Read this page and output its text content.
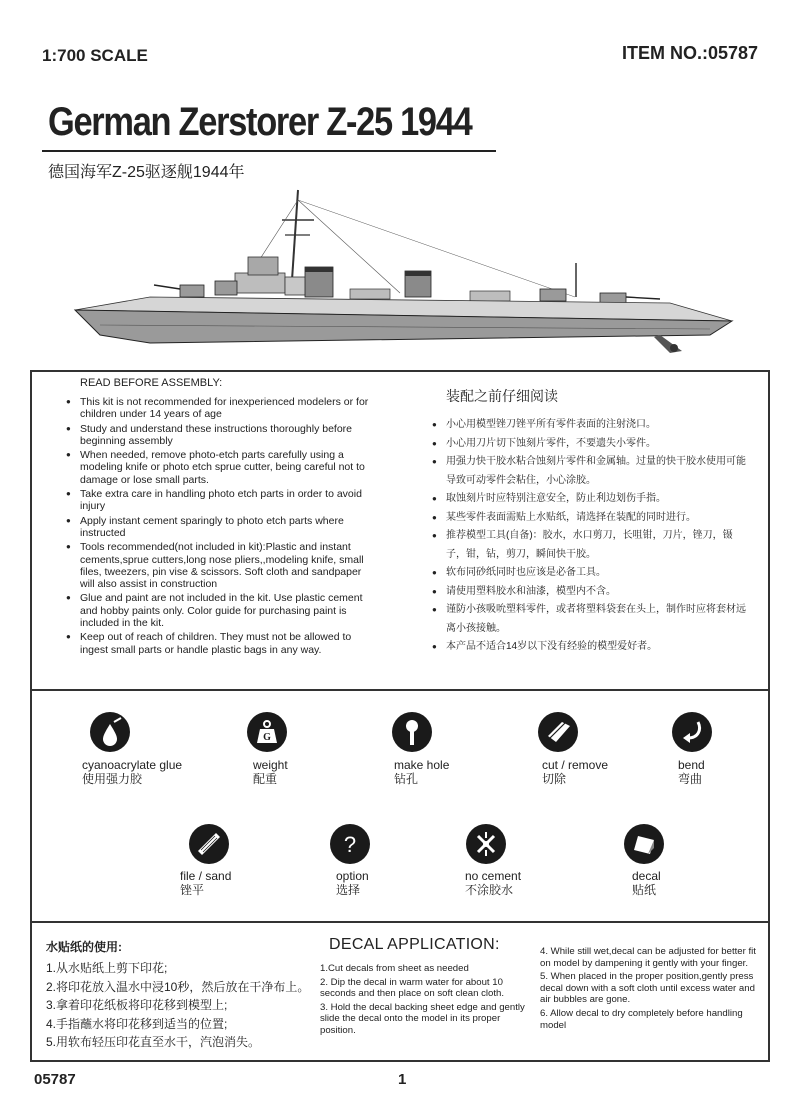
1:700 SCALE	ITEM NO.:05787
German Zerstorer Z-25 1944
德国海军Z-25驱逐舰1944年
READ BEFORE ASSEMBLY:
● This kit is not recommended for inexperienced modelers or for children under 14 years of age
● Study and understand these instructions thoroughly before beginning assembly
● When needed, remove photo-etch parts carefully using a modeling knife or photo etch sprue cutter, being careful not to damage or lose small parts.
● Take extra care in handling photo etch parts in order to avoid injury
● Apply instant cement sparingly to photo etch parts where instructed
● Tools recommended(not included in kit):Plastic and instant cements,sprue cutters,long nose pliers,,modeling knife, small files, tweezers, pin vise & scissors. Soft cloth and sandpaper will also assist in construction
● Glue and paint are not included in the kit. Use plastic cement and hobby paints only. Color guide for purchasing paint is included in the kit.
● Keep out of reach of children. They must not be allowed to ingest small parts or handle plastic bags in any way.
装配之前仔细阅读
● 小心用模型锉刀锉平所有零件表面的注射浇口。
● 小心用刀片切下蚀刻片零件，不要遗失小零件。
● 用强力快干胶水粘合蚀刻片零件和金属轴。过量的快干胶水使用可能导致可动零件会粘住，小心涂胶。
● 取蚀刻片时应特别注意安全，防止利边划伤手指。
● 某些零件表面需贴上水贴纸，请选择在装配的同时进行。
● 推荐模型工具(自备)：胶水，水口剪刀，长咀钳，刀片，锉刀，镊子，钳，钻，剪刀，瞬间快干胶。
● 软布同砂纸同时也应该是必备工具。
● 请使用塑料胶水和油漆，模型内不含。
● 谨防小孩吸吮塑料零件，或者将塑料袋套在头上，制作时应将套材远离小孩接触。
● 本产品不适合14岁以下没有经验的模型爱好者。
cyanoacrylate glue
使用强力胶
G
weight
配重
make hole
钻孔
cut / remove
切除
bend
弯曲
file / sand
锉平
?
option
选择
no cement
不涂胶水
decal
贴纸
水贴纸的使用:
1.从水贴纸上剪下印花;
2.将印花放入温水中浸10秒，然后放在干净布上。
3.拿着印花纸板将印花移到模型上;
4.手指蘸水将印花移到适当的位置;
5.用软布轻压印花直至水干，汽泡消失。
DECAL APPLICATION:
1.Cut decals from sheet as needed
2. Dip the decal in warm water for about 10 seconds and then place on soft clean cloth.
3. Hold the decal backing sheet edge and gently slide the decal onto the model in its proper position.
4. While still wet,decal can be adjusted for better fit on model by dampening it gently with your finger.
5. When placed in the proper position,gently press decal down with a soft cloth until excess water and air bubbles are gone.
6. Allow decal to dry completely before handling model
05787	1
